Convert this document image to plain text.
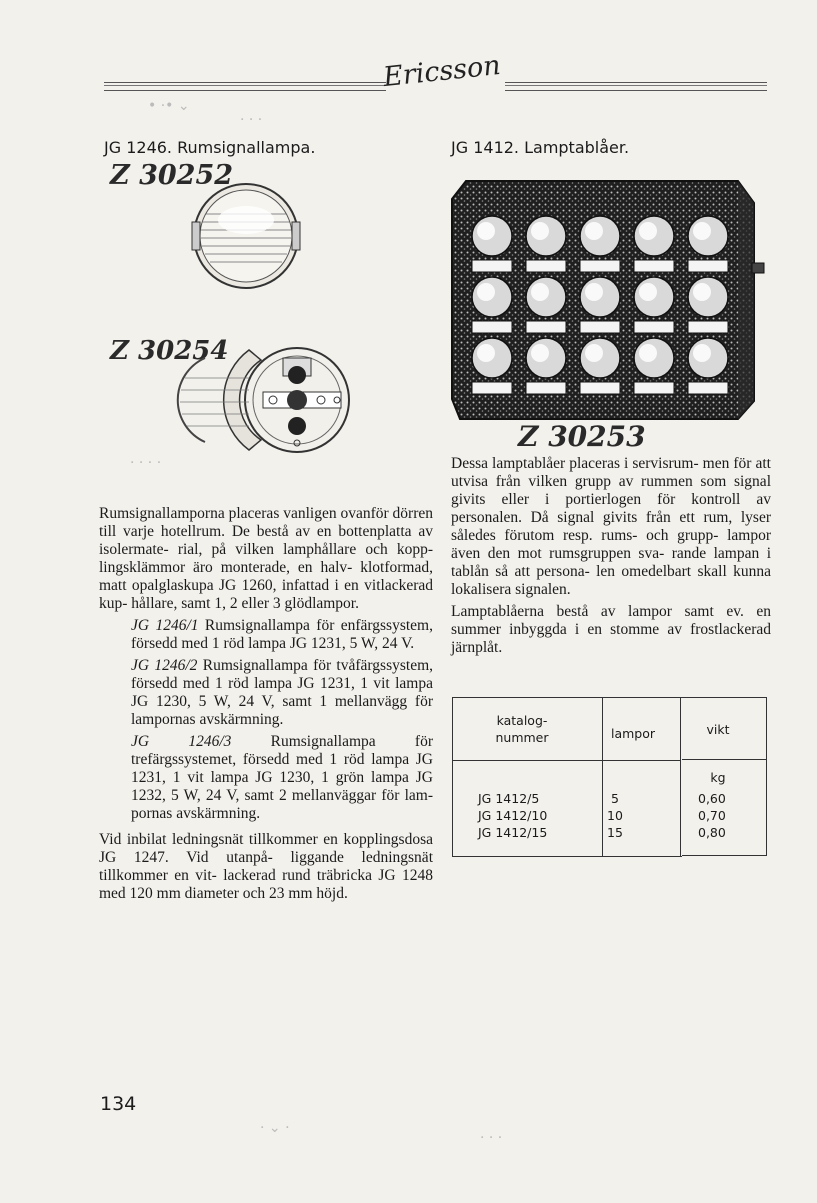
Ericsson
• ·• ⌄
· · ·
· · · ·
JG 1246. Rumsignallampa.	JG 1412. Lamptablåer.
Z 30252
Z 30254
Z 30253

Rumsignallamporna placeras vanligen ovanför dörren till varje hotellrum. De bestå av en bottenplatta av isolermate- rial, på vilken lamphållare och kopp- lingsklämmor äro monterade, en halv- klotformad, matt opalglaskupa JG 1260, infattad i en vitlackerad kup- hållare, samt 1, 2 eller 3 glödlampor.

JG 1246/1 Rumsignallampa för enfärgssystem, försedd med 1 röd lampa JG 1231, 5 W, 24 V.

JG 1246/2 Rumsignallampa för tvåfärgssystem, försedd med 1 röd lampa JG 1231, 1 vit lampa JG 1230, 5 W, 24 V, samt 1 mellanvägg för lampornas avskärmning.

JG 1246/3	Rumsignallampa för trefärgssystemet, försedd med 1 röd lampa JG 1231, 1 vit lampa JG 1230, 1 grön lampa JG 1232, 5 W, 24 V, samt 2 mellanväggar för lam- pornas avskärmning.

Vid inbilat ledningsnät tillkommer en kopplingsdosa JG 1247. Vid utanpå- liggande ledningsnät tillkommer en vit- lackerad rund träbricka JG 1248 med 120 mm diameter och 23 mm höjd.

Dessa lamptablåer placeras i servisrum- men för att utvisa från vilken grupp av rummen som signal givits eller i portierlogen för kontroll av personalen. Då signal givits från ett rum, lyser således förutom resp. rums- och grupp- lampor även den mot rumsgruppen sva- rande lampan i tablån så att persona- len omedelbart skall kunna lokalisera signalen.

Lamptablåerna bestå av lampor samt ev. en summer inbyggda i en stomme av frostlackerad järnplåt.

katalog-
nummer	lampor	vikt
kg
JG 1412/5	5	0,60
JG 1412/10	10	0,70
JG 1412/15	15	0,80
134
· ⌄ ·
· · ·
